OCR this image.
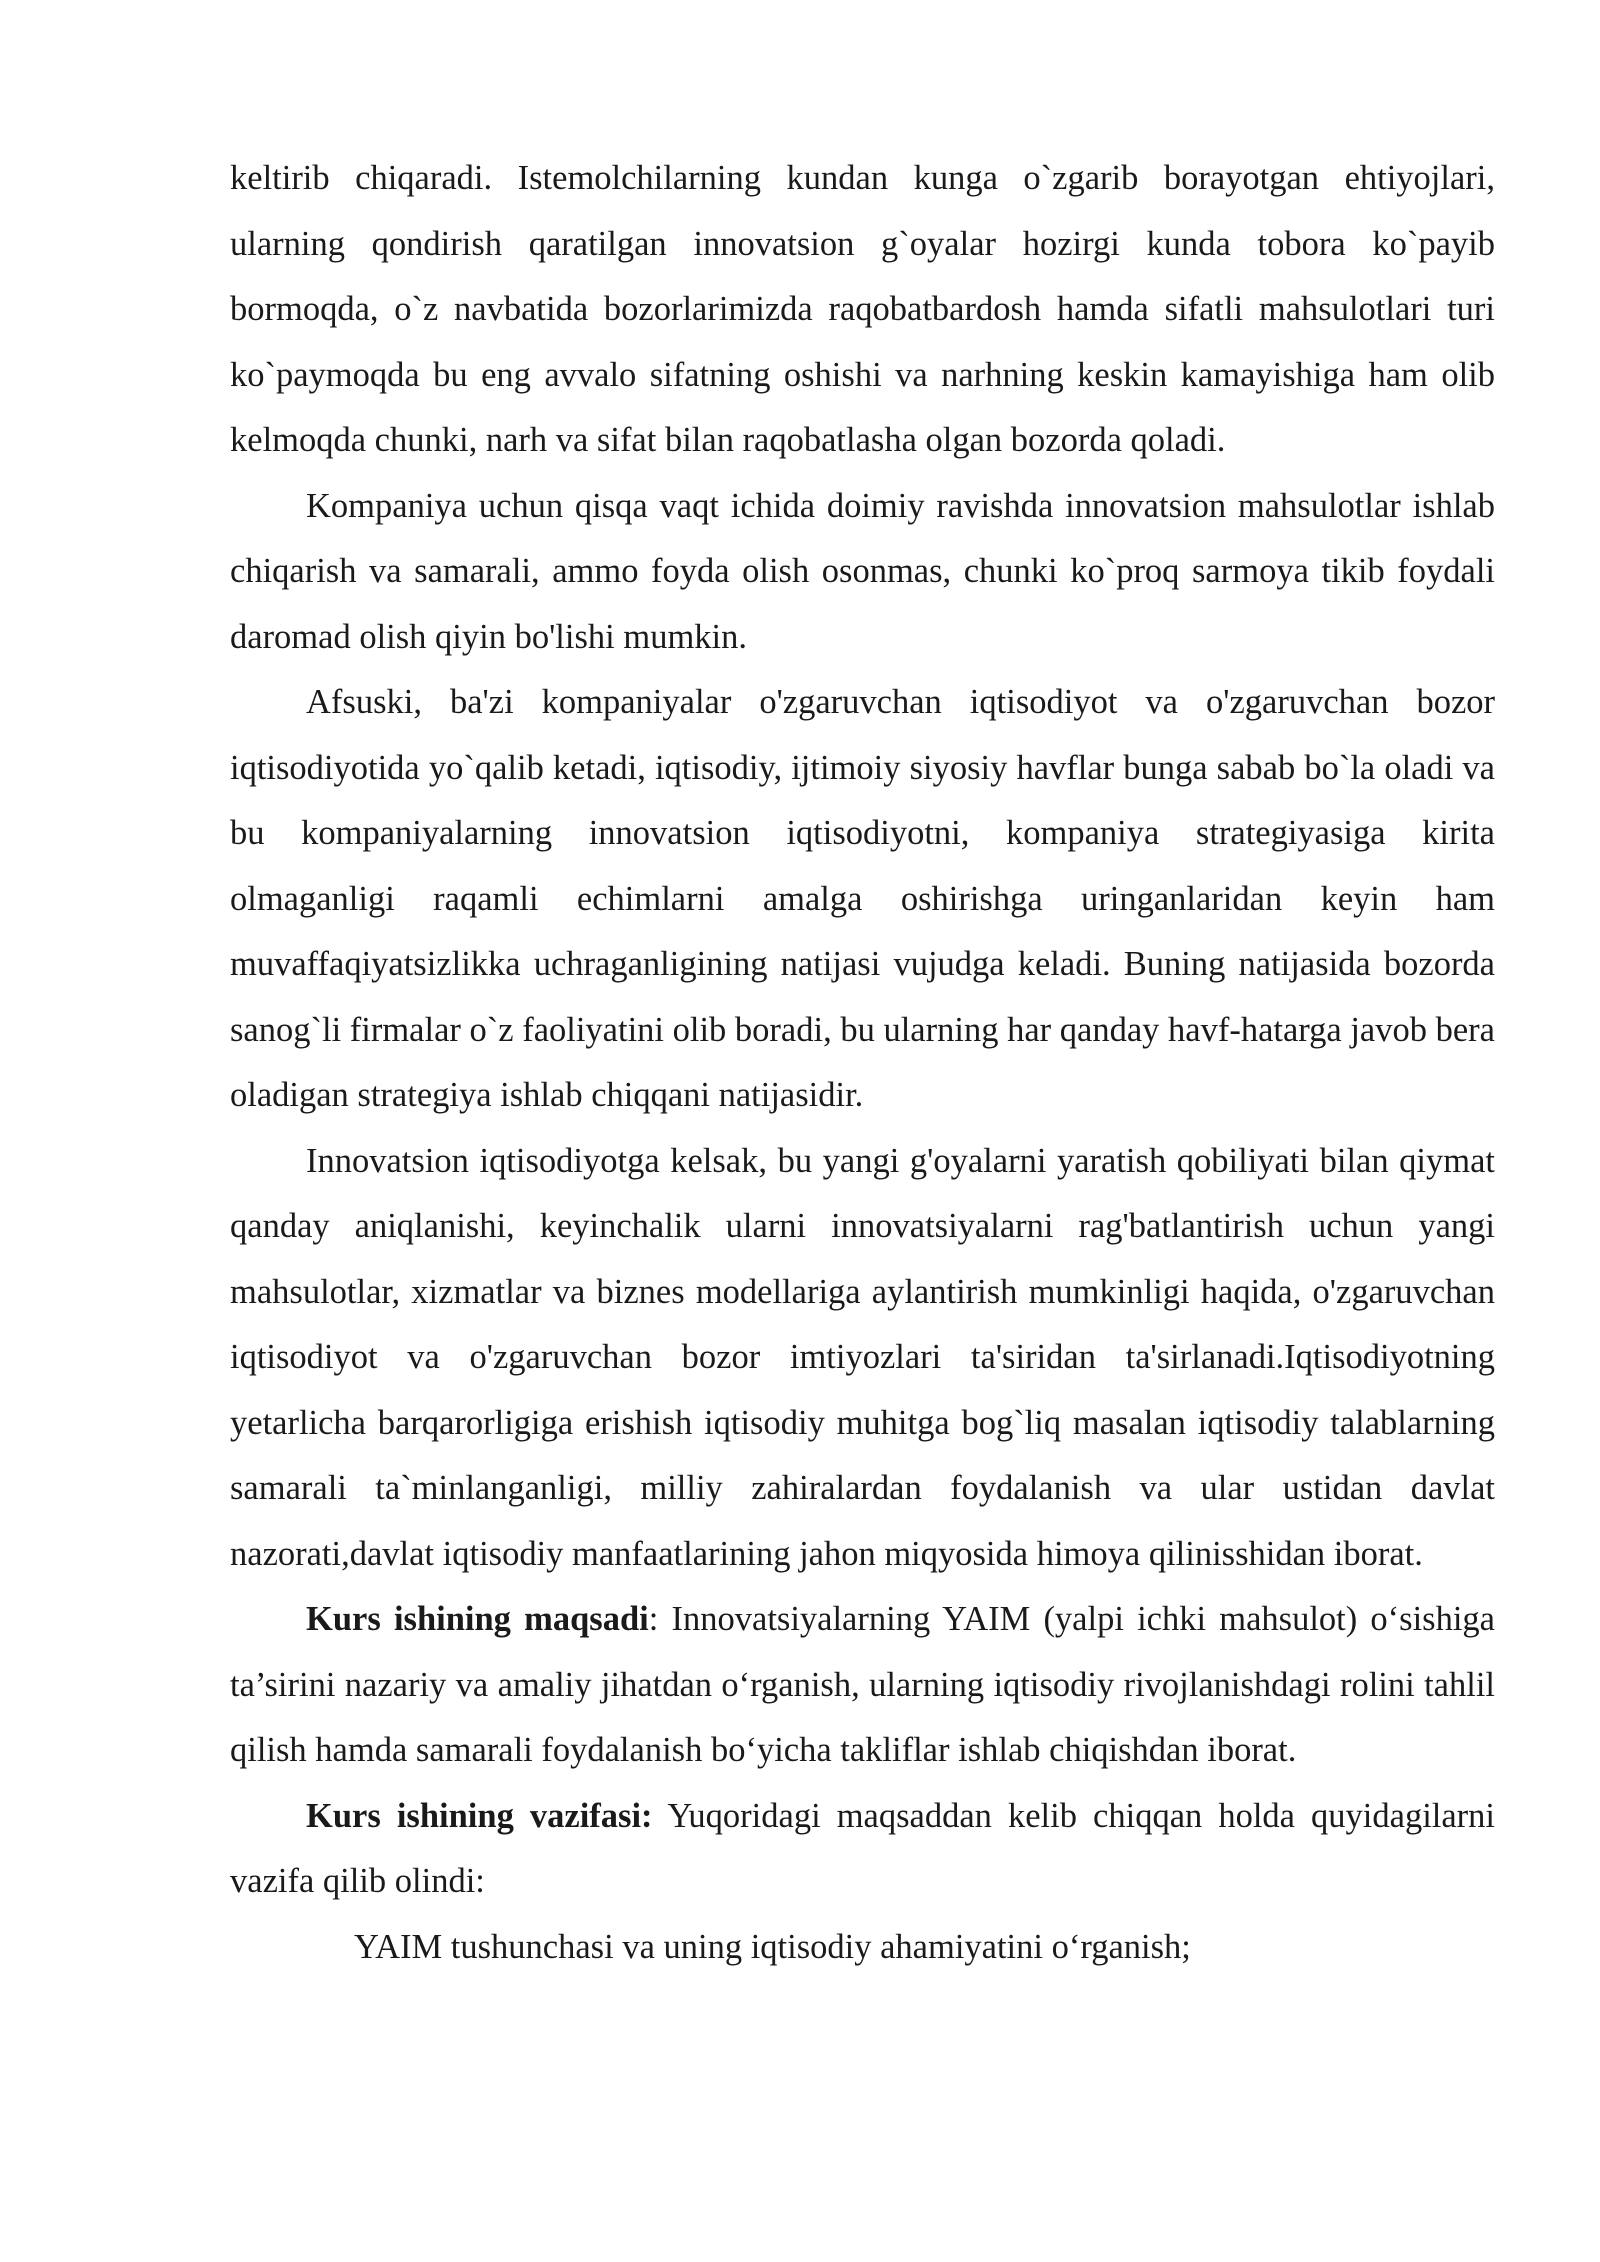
keltirib chiqaradi. Istemolchilarning kundan kunga o`zgarib borayotgan ehtiyojlari, ularning qondirish qaratilgan innovatsion g`oyalar hozirgi kunda tobora ko`payib bormoqda, o`z navbatida bozorlarimizda raqobatbardosh hamda sifatli mahsulotlari turi ko`paymoqda bu eng avvalo sifatning oshishi va narhning keskin kamayishiga ham olib kelmoqda chunki, narh va sifat bilan raqobatlasha olgan bozorda qoladi.

Kompaniya uchun qisqa vaqt ichida doimiy ravishda innovatsion mahsulotlar ishlab chiqarish va samarali, ammo foyda olish osonmas, chunki ko`proq sarmoya tikib foydali daromad olish qiyin bo'lishi mumkin.

Afsuski, ba'zi kompaniyalar o'zgaruvchan iqtisodiyot va o'zgaruvchan bozor iqtisodiyotida yo`qalib ketadi, iqtisodiy, ijtimoiy siyosiy havflar bunga sabab bo`la oladi va bu kompaniyalarning innovatsion iqtisodiyotni, kompaniya strategiyasiga kirita olmaganligi raqamli echimlarni amalga oshirishga uringanlaridan keyin ham muvaffaqiyatsizlikka uchraganligining natijasi vujudga keladi. Buning natijasida bozorda sanog`li firmalar o`z faoliyatini olib boradi, bu ularning har qanday havf-hatarga javob bera oladigan strategiya ishlab chiqqani natijasidir.

Innovatsion iqtisodiyotga kelsak, bu yangi g'oyalarni yaratish qobiliyati bilan qiymat qanday aniqlanishi, keyinchalik ularni innovatsiyalarni rag'batlantirish uchun yangi mahsulotlar, xizmatlar va biznes modellariga aylantirish mumkinligi haqida, o'zgaruvchan iqtisodiyot va o'zgaruvchan bozor imtiyozlari ta'siridan ta'sirlanadi.Iqtisodiyotning yetarlicha barqarorligiga erishish iqtisodiy muhitga bog`liq masalan iqtisodiy talablarning samarali ta`minlanganligi, milliy zahiralardan foydalanish va ular ustidan davlat nazorati,davlat iqtisodiy manfaatlarining jahon miqyosida himoya qilinisshidan iborat.

Kurs ishining maqsadi: Innovatsiyalarning YAIM (yalpi ichki mahsulot) o‘sishiga ta’sirini nazariy va amaliy jihatdan o‘rganish, ularning iqtisodiy rivojlanishdagi rolini tahlil qilish hamda samarali foydalanish bo‘yicha takliflar ishlab chiqishdan iborat.

Kurs ishining vazifasi: Yuqoridagi maqsaddan kelib chiqqan holda quyidagilarni vazifa qilib olindi:

YAIM tushunchasi va uning iqtisodiy ahamiyatini o‘rganish;
